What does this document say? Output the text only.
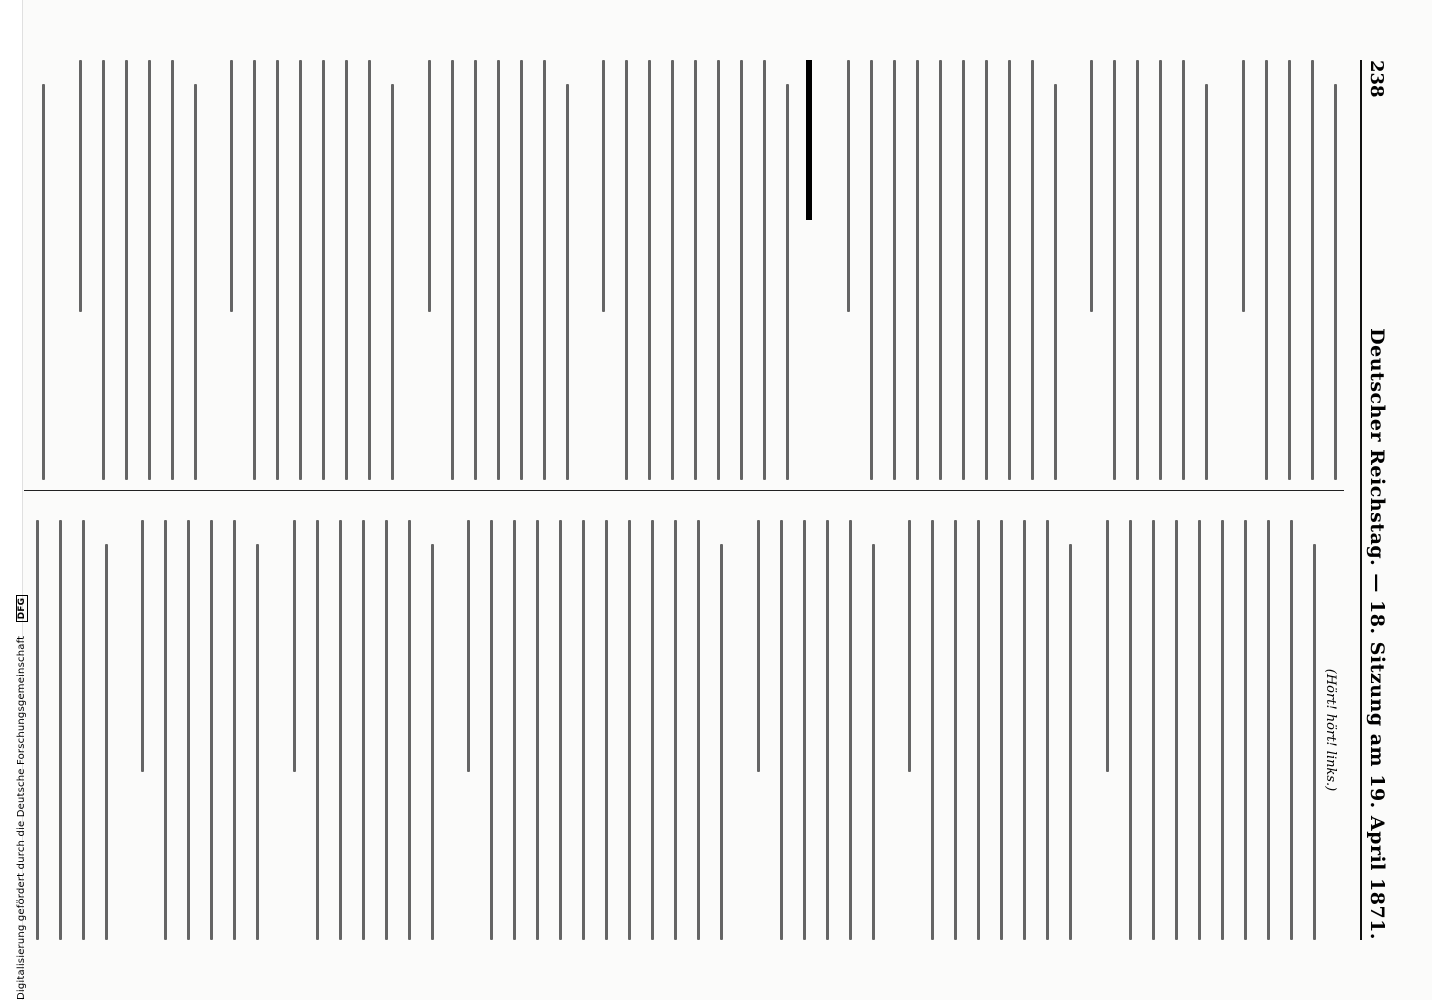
Digitalisierung gefördert durch die Deutsche Forschungsgemeinschaft DFG
238
Deutscher Reichstag. — 18. Sitzung am 19. April 1871.
(Hört! hört! links.)
